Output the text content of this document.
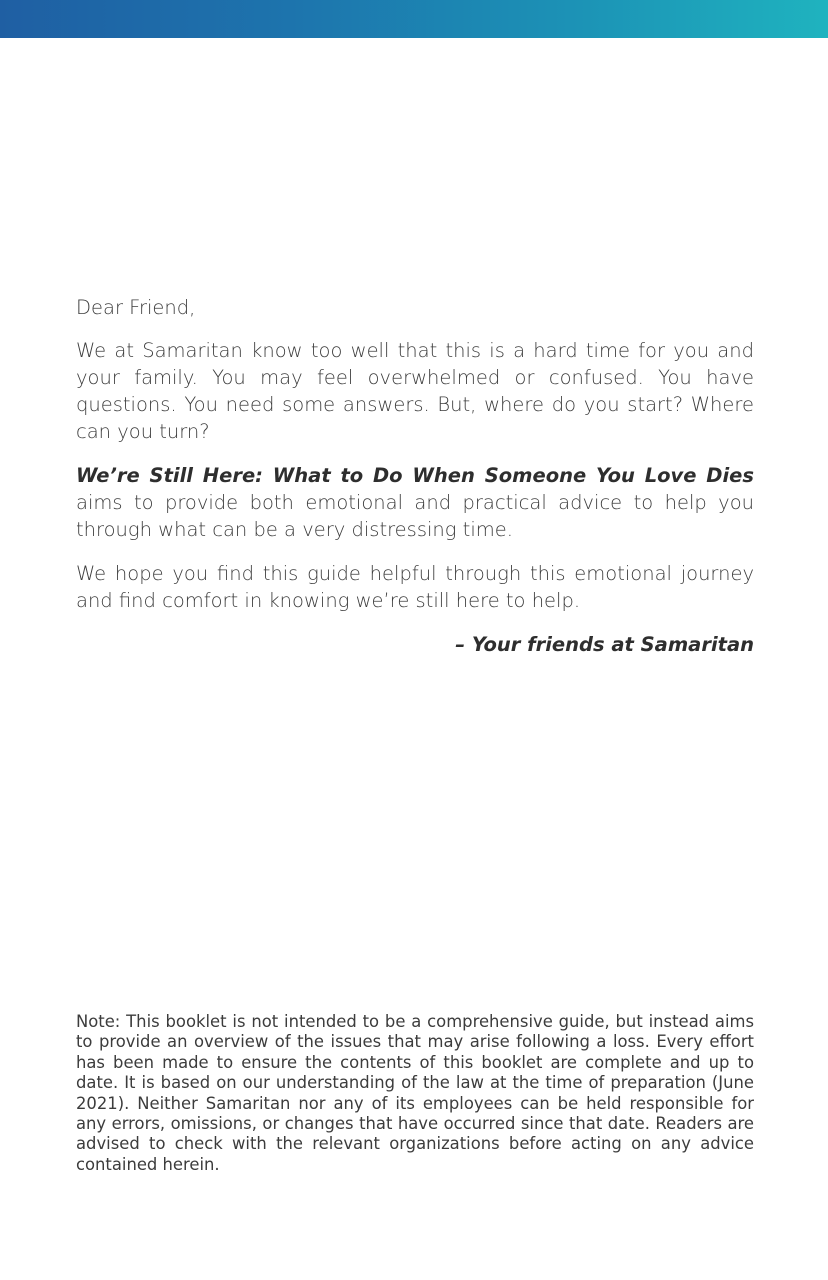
Dear Friend,

We at Samaritan know too well that this is a hard time for you and your family. You may feel overwhelmed or confused. You have questions. You need some answers. But, where do you start? Where can you turn?

We’re Still Here: What to Do When Someone You Love Dies aims to provide both emotional and practical advice to help you through what can be a very distressing time.

We hope you find this guide helpful through this emotional journey and find comfort in knowing we’re still here to help.

– Your friends at Samaritan

Note: This booklet is not intended to be a comprehensive guide, but instead aims to provide an overview of the issues that may arise following a loss. Every effort has been made to ensure the contents of this booklet are complete and up to date. It is based on our understanding of the law at the time of preparation (June 2021). Neither Samaritan nor any of its employees can be held responsible for any errors, omissions, or changes that have occurred since that date. Readers are advised to check with the relevant organizations before acting on any advice contained herein.
